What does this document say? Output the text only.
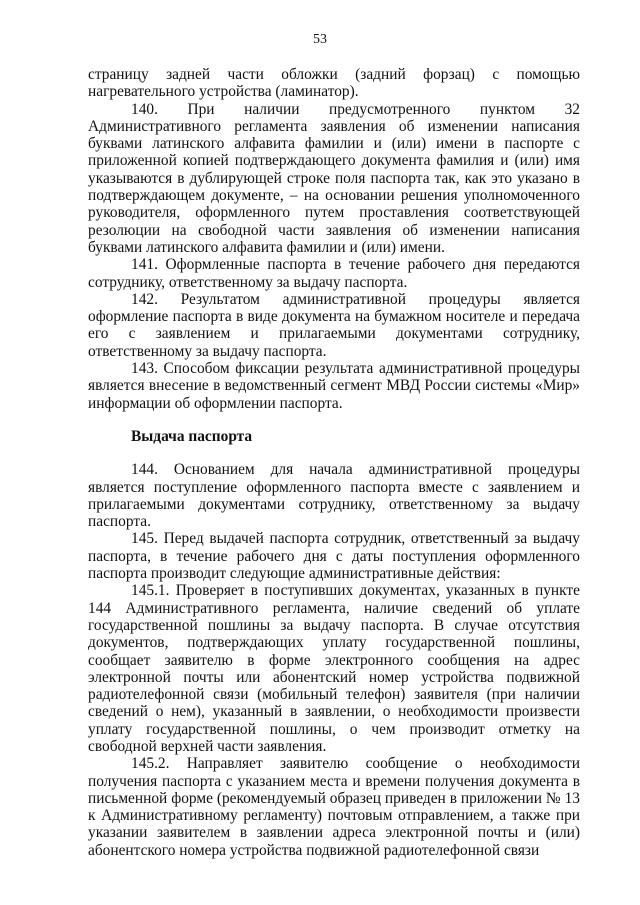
53

страницу задней части обложки (задний форзац) с помощью нагревательного устройства (ламинатор).

140. При наличии предусмотренного пунктом 32 Административного регламента заявления об изменении написания буквами латинского алфавита фамилии и (или) имени в паспорте с приложенной копией подтверждающего документа фамилия и (или) имя указываются в дублирующей строке поля паспорта так, как это указано в подтверждающем документе, – на основании решения уполномоченного руководителя, оформленного путем проставления соответствующей резолюции на свободной части заявления об изменении написания буквами латинского алфавита фамилии и (или) имени.

141. Оформленные паспорта в течение рабочего дня передаются сотруднику, ответственному за выдачу паспорта.

142. Результатом административной процедуры является оформление паспорта в виде документа на бумажном носителе и передача его с заявлением и прилагаемыми документами сотруднику, ответственному за выдачу паспорта.

143. Способом фиксации результата административной процедуры является внесение в ведомственный сегмент МВД России системы «Мир» информации об оформлении паспорта.

Выдача паспорта

144. Основанием для начала административной процедуры является поступление оформленного паспорта вместе с заявлением и прилагаемыми документами сотруднику, ответственному за выдачу паспорта.

145. Перед выдачей паспорта сотрудник, ответственный за выдачу паспорта, в течение рабочего дня с даты поступления оформленного паспорта производит следующие административные действия:

145.1. Проверяет в поступивших документах, указанных в пункте 144 Административного регламента, наличие сведений об уплате государственной пошлины за выдачу паспорта. В случае отсутствия документов, подтверждающих уплату государственной пошлины, сообщает заявителю в форме электронного сообщения на адрес электронной почты или абонентский номер устройства подвижной радиотелефонной связи (мобильный телефон) заявителя (при наличии сведений о нем), указанный в заявлении, о необходимости произвести уплату государственной пошлины, о чем производит отметку на свободной верхней части заявления.

145.2. Направляет заявителю сообщение о необходимости получения паспорта с указанием места и времени получения документа в письменной форме (рекомендуемый образец приведен в приложении № 13 к Административному регламенту) почтовым отправлением, а также при указании заявителем в заявлении адреса электронной почты и (или) абонентского номера устройства подвижной радиотелефонной связи
